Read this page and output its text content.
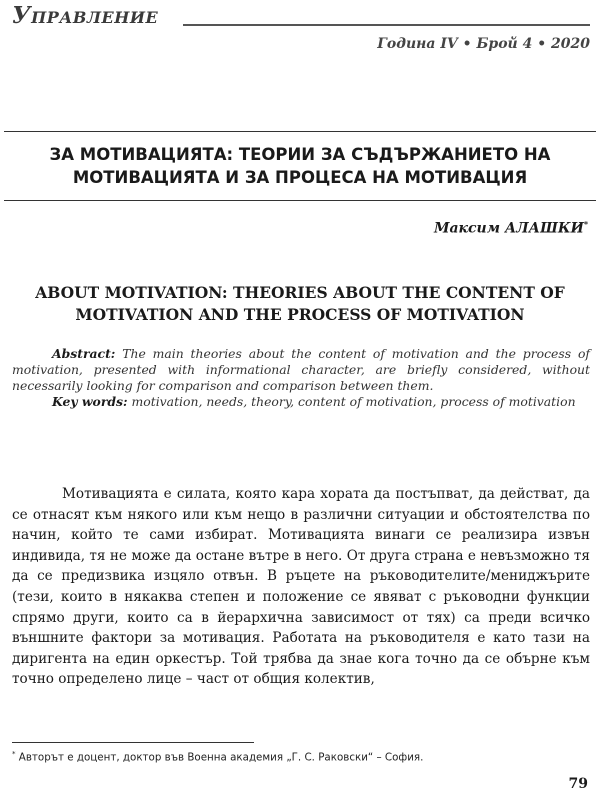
Управление
Година IV • Брой 4 • 2020
ЗА МОТИВАЦИЯТА: ТЕОРИИ ЗА СЪДЪРЖАНИЕТО НА МОТИВАЦИЯТА И ЗА ПРОЦЕСА НА МОТИВАЦИЯ
Максим АЛАШКИ*
ABOUT MOTIVATION: THEORIES ABOUT THE CONTENT OF MOTIVATION AND THE PROCESS OF MOTIVATION

Abstract: The main theories about the content of motivation and the process of motivation, presented with informational character, are briefly considered, without necessarily looking for comparison and comparison between them.

Key words: motivation, needs, theory, content of motivation, process of motivation

Мотивацията е силата, която кара хората да постъпват, да действат, да се отнасят към някого или към нещо в различни ситуации и обстоятелства по начин, който те сами избират. Мотивацията винаги се реализира извън индивида, тя не може да остане вътре в него. От друга страна е невъзможно тя да се предизвика изцяло отвън. В ръцете на ръководителите/мениджърите (тези, които в някаква степен и положение се явяват с ръководни функции спрямо други, които са в йерархична зависимост от тях) са преди всичко външните фактори за мотивация. Работата на ръководителя е като тази на диригента на един оркестър. Той трябва да знае кога точно да се обърне към точно определено лице – част от общия колектив,

* Авторът е доцент, доктор във Военна академия „Г. С. Раковски“ – София.
79
